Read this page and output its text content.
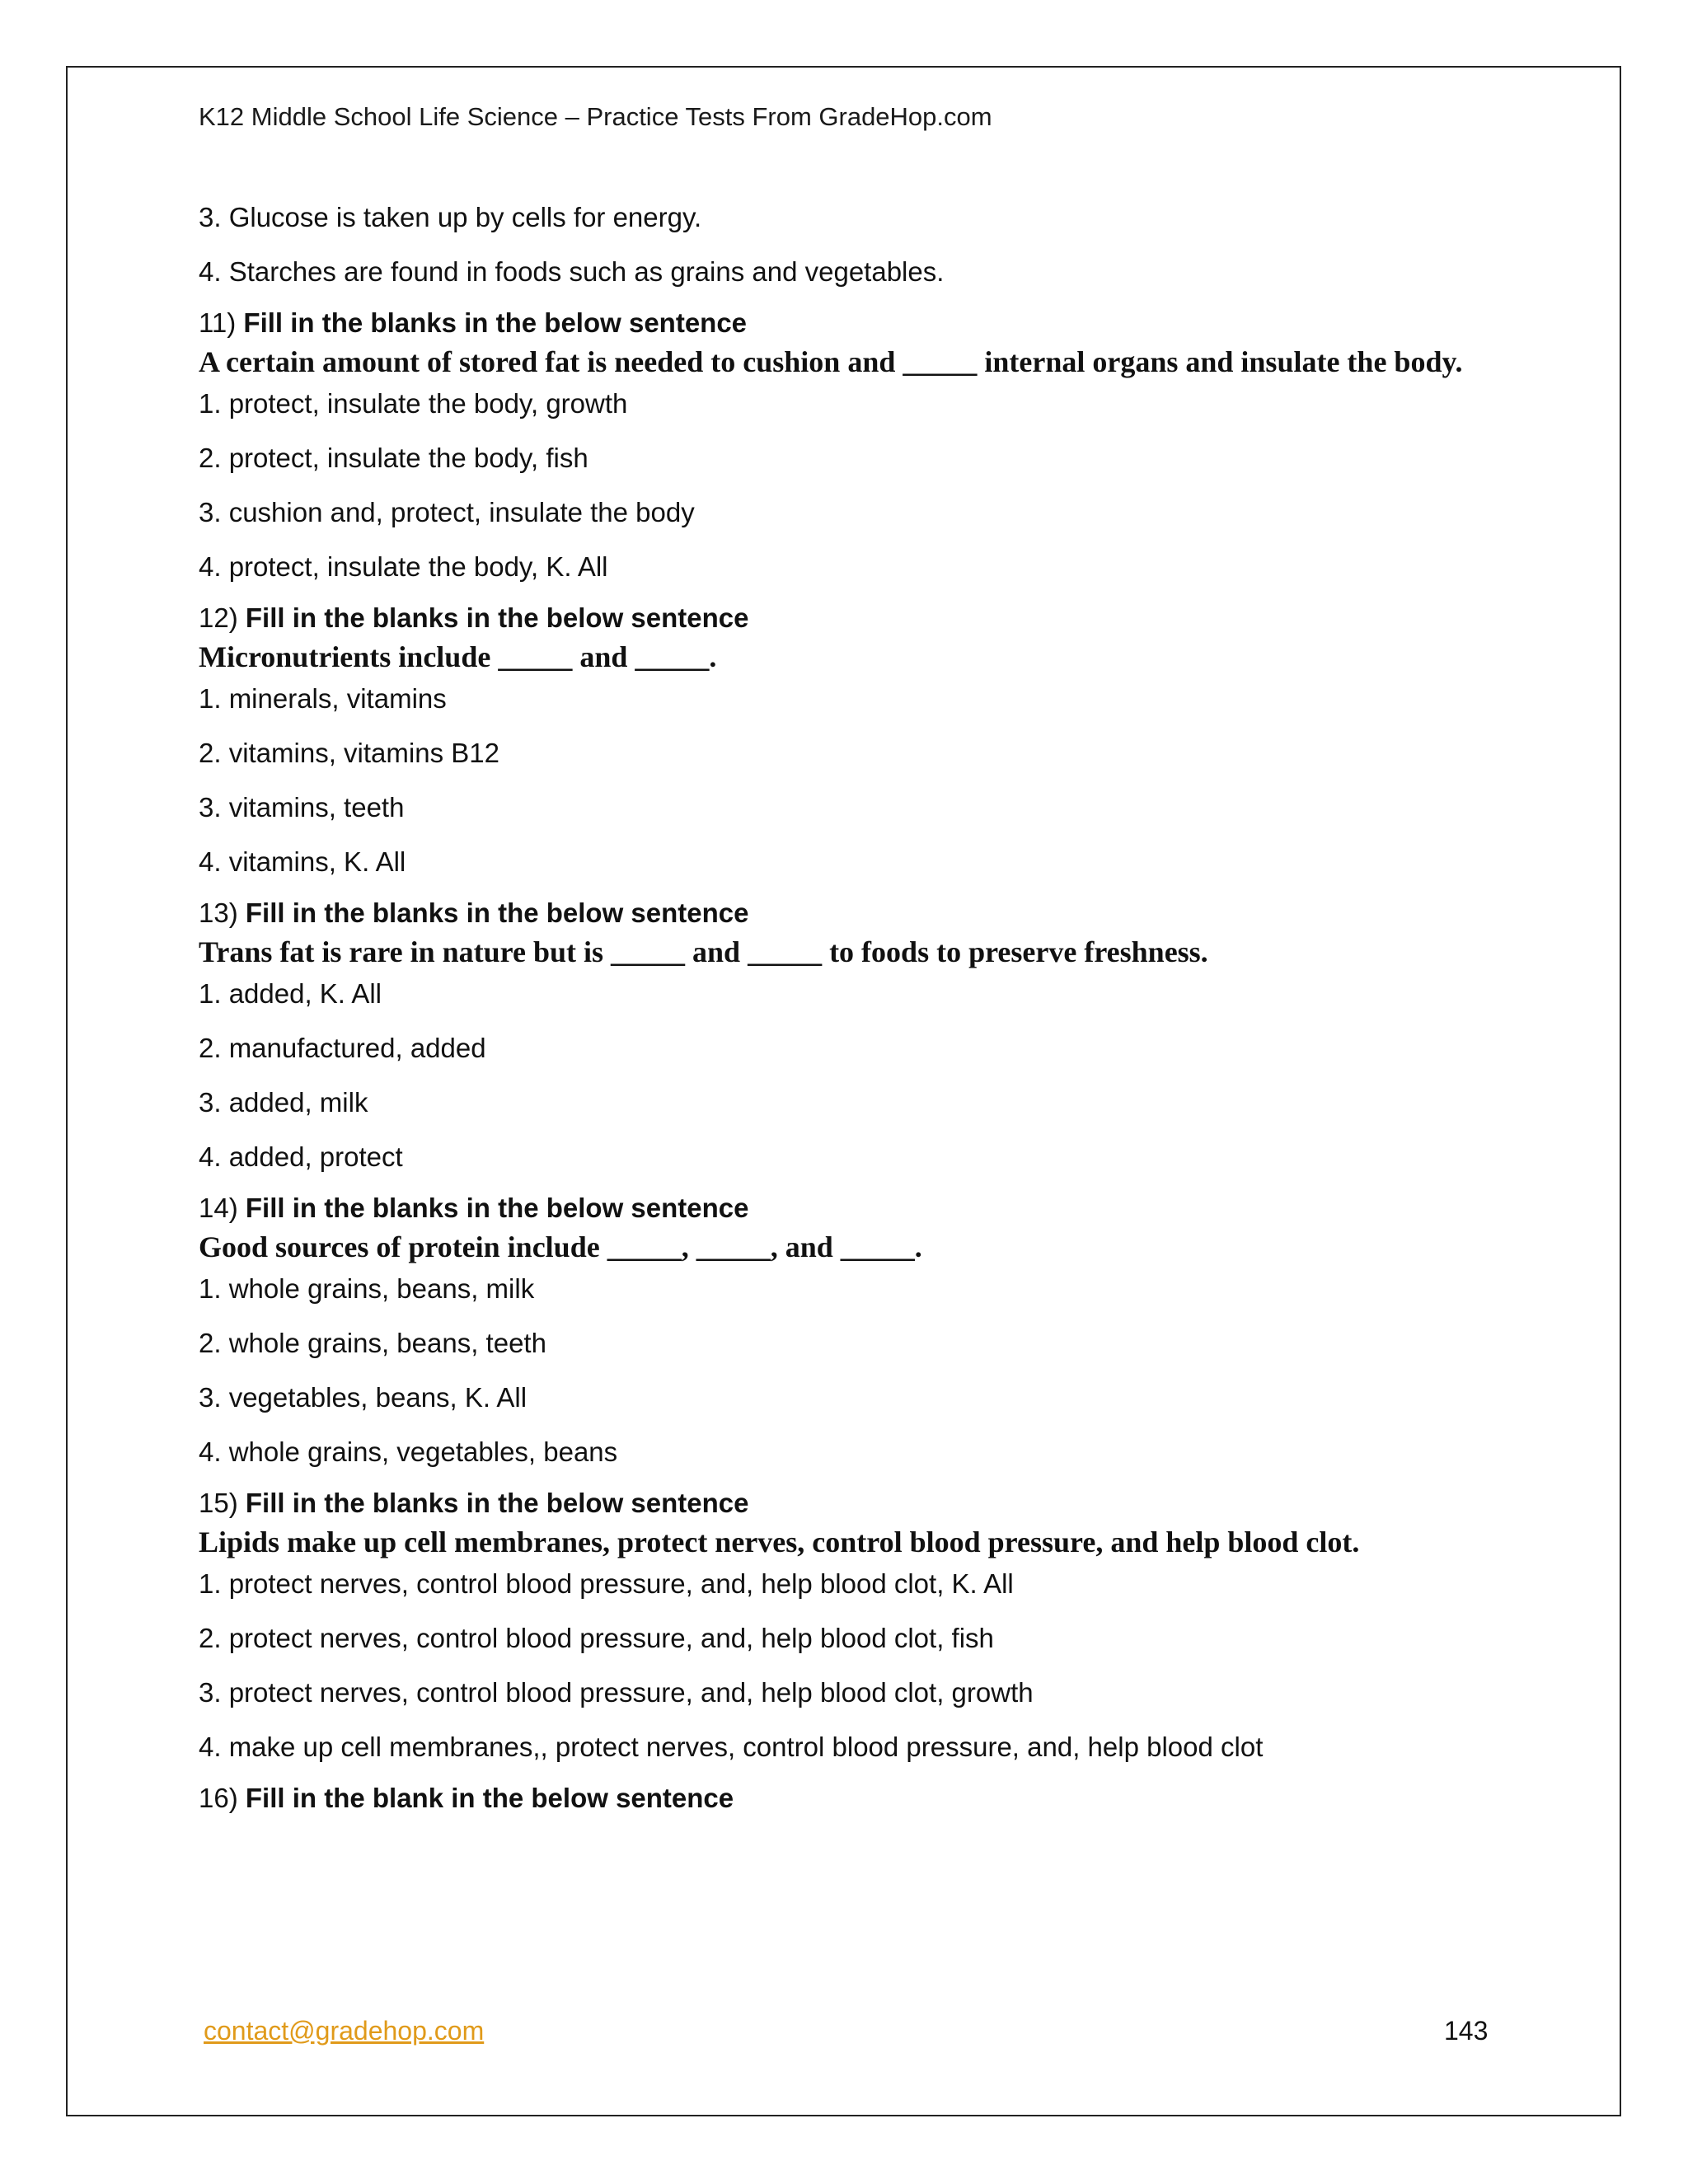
K12 Middle School Life Science – Practice Tests From GradeHop.com
3. Glucose is taken up by cells for energy.
4. Starches are found in foods such as grains and vegetables.
11) Fill in the blanks in the below sentence
A certain amount of stored fat is needed to cushion and _____ internal organs and insulate the body.
1. protect, insulate the body, growth
2. protect, insulate the body, fish
3. cushion and, protect, insulate the body
4. protect, insulate the body, K. All
12) Fill in the blanks in the below sentence
Micronutrients include _____ and _____.
1. minerals, vitamins
2. vitamins, vitamins B12
3. vitamins, teeth
4. vitamins, K. All
13) Fill in the blanks in the below sentence
Trans fat is rare in nature but is _____ and _____ to foods to preserve freshness.
1. added, K. All
2. manufactured, added
3. added, milk
4. added, protect
14) Fill in the blanks in the below sentence
Good sources of protein include _____, _____, and _____.
1. whole grains, beans, milk
2. whole grains, beans, teeth
3. vegetables, beans, K. All
4. whole grains, vegetables, beans
15) Fill in the blanks in the below sentence
Lipids make up cell membranes, protect nerves, control blood pressure, and help blood clot.
1. protect nerves, control blood pressure, and, help blood clot, K. All
2. protect nerves, control blood pressure, and, help blood clot, fish
3. protect nerves, control blood pressure, and, help blood clot, growth
4. make up cell membranes,, protect nerves, control blood pressure, and, help blood clot
16) Fill in the blank in the below sentence
contact@gradehop.com	143
